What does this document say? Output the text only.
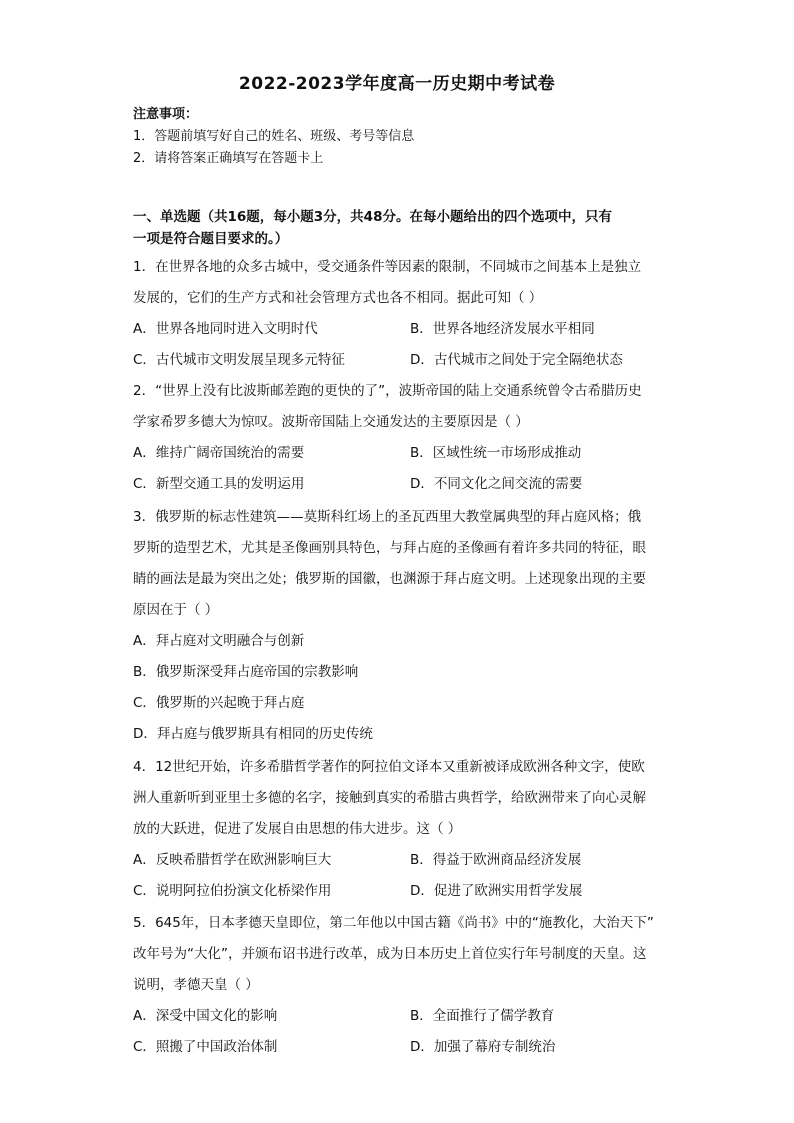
2022-2023学年度高一历史期中考试卷
注意事项：
1．答题前填写好自己的姓名、班级、考号等信息
2．请将答案正确填写在答题卡上
一、单选题（共16题，每小题3分，共48分。在每小题给出的四个选项中，只有
一项是符合题目要求的。）
1．在世界各地的众多古城中，受交通条件等因素的限制，不同城市之间基本上是独立
发展的，它们的生产方式和社会管理方式也各不相同。据此可知（ ）
A．世界各地同时进入文明时代	B．世界各地经济发展水平相同
C．古代城市文明发展呈现多元特征	D．古代城市之间处于完全隔绝状态
2．“世界上没有比波斯邮差跑的更快的了”，波斯帝国的陆上交通系统曾令古希腊历史
学家希罗多德大为惊叹。波斯帝国陆上交通发达的主要原因是（ ）
A．维持广阔帝国统治的需要	B．区域性统一市场形成推动
C．新型交通工具的发明运用	D．不同文化之间交流的需要
3．俄罗斯的标志性建筑——莫斯科红场上的圣瓦西里大教堂属典型的拜占庭风格；俄
罗斯的造型艺术，尤其是圣像画别具特色，与拜占庭的圣像画有着许多共同的特征，眼
睛的画法是最为突出之处；俄罗斯的国徽，也渊源于拜占庭文明。上述现象出现的主要
原因在于（ ）
A．拜占庭对文明融合与创新
B．俄罗斯深受拜占庭帝国的宗教影响
C．俄罗斯的兴起晚于拜占庭
D．拜占庭与俄罗斯具有相同的历史传统
4．12世纪开始，许多希腊哲学著作的阿拉伯文译本又重新被译成欧洲各种文字，使欧
洲人重新听到亚里士多德的名字，接触到真实的希腊古典哲学，给欧洲带来了向心灵解
放的大跃进，促进了发展自由思想的伟大进步。这（ ）
A．反映希腊哲学在欧洲影响巨大	B．得益于欧洲商品经济发展
C．说明阿拉伯扮演文化桥梁作用	D．促进了欧洲实用哲学发展
5．645年，日本孝德天皇即位，第二年他以中国古籍《尚书》中的“施教化，大治天下”
改年号为“大化”，并颁布诏书进行改革，成为日本历史上首位实行年号制度的天皇。这
说明，孝德天皇（ ）
A．深受中国文化的影响	B．全面推行了儒学教育
C．照搬了中国政治体制	D．加强了幕府专制统治
